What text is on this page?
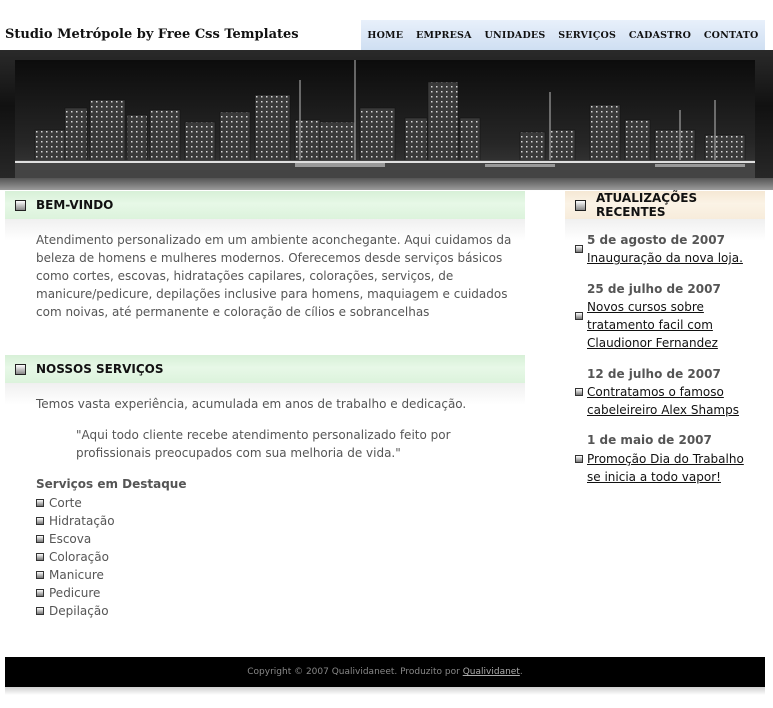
Studio Metrópole by Free Css Templates	HOME EMPRESA UNIDADES SERVIÇOS CADASTRO CONTATO
BEM-VINDO
Atendimento personalizado em um ambiente aconchegante. Aqui cuidamos da beleza de homens e mulheres modernos. Oferecemos desde serviços básicos como cortes, escovas, hidratações capilares, colorações, serviços, de manicure/pedicure, depilações inclusive para homens, maquiagem e cuidados com noivas, até permanente e coloração de cílios e sobrancelhas
NOSSOS SERVIÇOS
Temos vasta experiência, acumulada em anos de trabalho e dedicação.
"Aqui todo cliente recebe atendimento personalizado feito por profissionais preocupados com sua melhoria de vida."
Serviços em Destaque
Corte
Hidratação
Escova
Coloração
Manicure
Pedicure
Depilação
ATUALIZAÇÕES RECENTES
5 de agosto de 2007
Inauguração da nova loja.
25 de julho de 2007
Novos cursos sobre tratamento facil com Claudionor Fernandez
12 de julho de 2007
Contratamos o famoso cabeleireiro Alex Shamps
1 de maio de 2007
Promoção Dia do Trabalho se inicia a todo vapor!
Copyright © 2007 Qualividaneet. Produzito por
Qualividanet .
